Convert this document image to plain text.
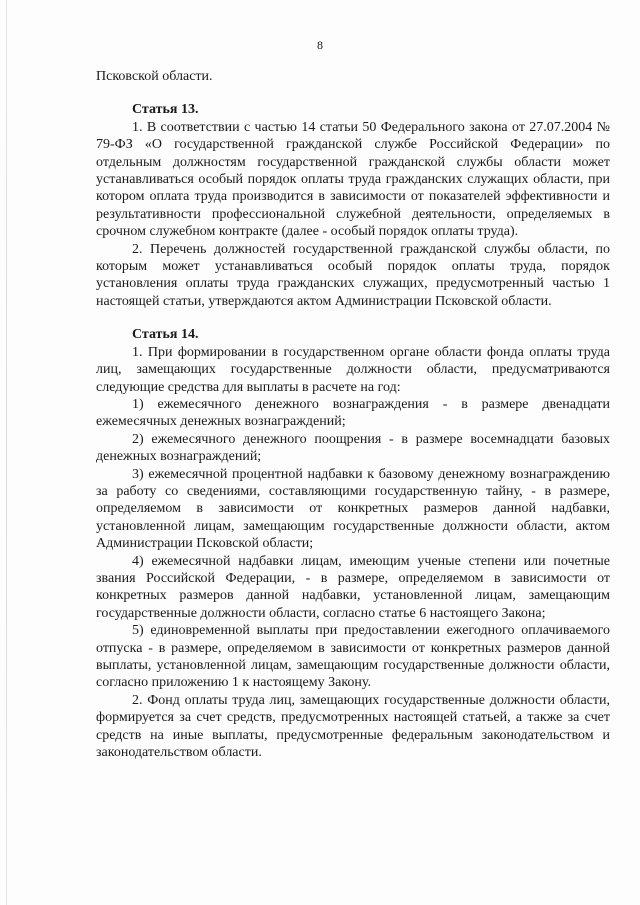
8

Псковской области.

Статья 13.

1. В соответствии с частью 14 статьи 50 Федерального закона от 27.07.2004 № 79-ФЗ «О государственной гражданской службе Российской Федерации» по отдельным должностям государственной гражданской службы области может устанавливаться особый порядок оплаты труда гражданских служащих области, при котором оплата труда производится в зависимости от показателей эффективности и результативности профессиональной служебной деятельности, определяемых в срочном служебном контракте (далее - особый порядок оплаты труда).

2. Перечень должностей государственной гражданской службы области, по которым может устанавливаться особый порядок оплаты труда, порядок установления оплаты труда гражданских служащих, предусмотренный частью 1 настоящей статьи, утверждаются актом Администрации Псковской области.

Статья 14.

1. При формировании в государственном органе области фонда оплаты труда лиц, замещающих государственные должности области, предусматриваются следующие средства для выплаты в расчете на год:

1) ежемесячного денежного вознаграждения - в размере двенадцати ежемесячных денежных вознаграждений;

2) ежемесячного денежного поощрения - в размере восемнадцати базовых денежных вознаграждений;

3) ежемесячной процентной надбавки к базовому денежному вознаграждению за работу со сведениями, составляющими государственную тайну, - в размере, определяемом в зависимости от конкретных размеров данной надбавки, установленной лицам, замещающим государственные должности области, актом Администрации Псковской области;

4) ежемесячной надбавки лицам, имеющим ученые степени или почетные звания Российской Федерации, - в размере, определяемом в зависимости от конкретных размеров данной надбавки, установленной лицам, замещающим государственные должности области, согласно статье 6 настоящего Закона;

5) единовременной выплаты при предоставлении ежегодного оплачиваемого отпуска - в размере, определяемом в зависимости от конкретных размеров данной выплаты, установленной лицам, замещающим государственные должности области, согласно приложению 1 к настоящему Закону.

2. Фонд оплаты труда лиц, замещающих государственные должности области, формируется за счет средств, предусмотренных настоящей статьей, а также за счет средств на иные выплаты, предусмотренные федеральным законодательством и законодательством области.
